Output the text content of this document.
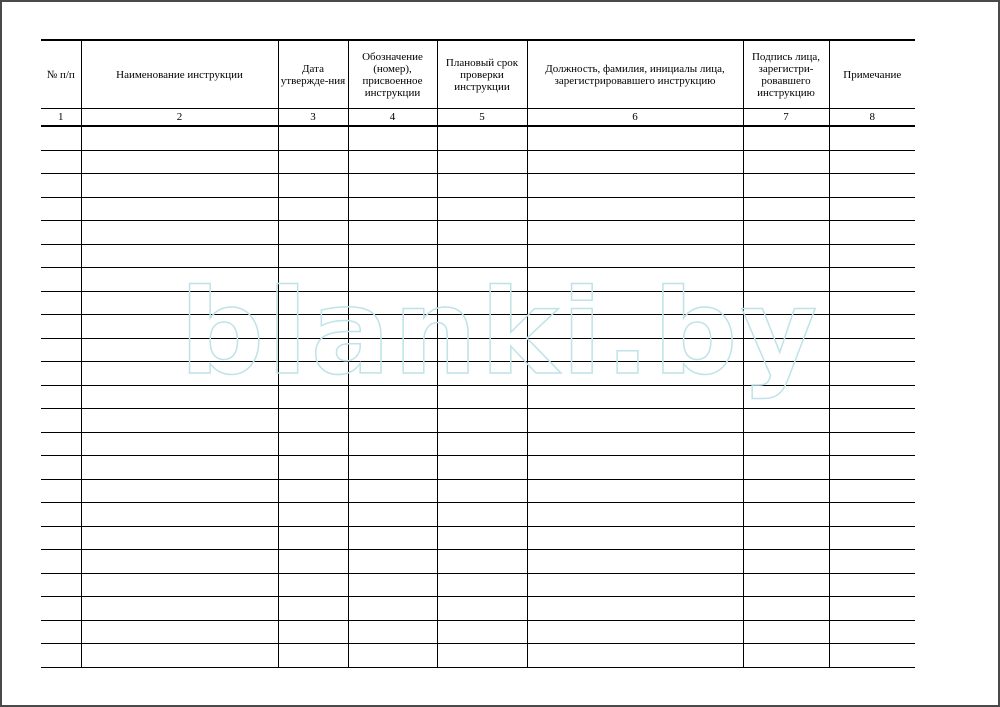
№ п/п	Наименование инструкции	Дата утвержде-ния	Обозначение (номер), присвоенное инструкции	Плановый срок проверки инструкции	Должность, фамилия, инициалы лица, зарегистрировавшего инструкцию	Подпись лица, зарегистри-ровавшего инструкцию	Примечание

1	2	3	4	5	6	7	8

blanki.by
